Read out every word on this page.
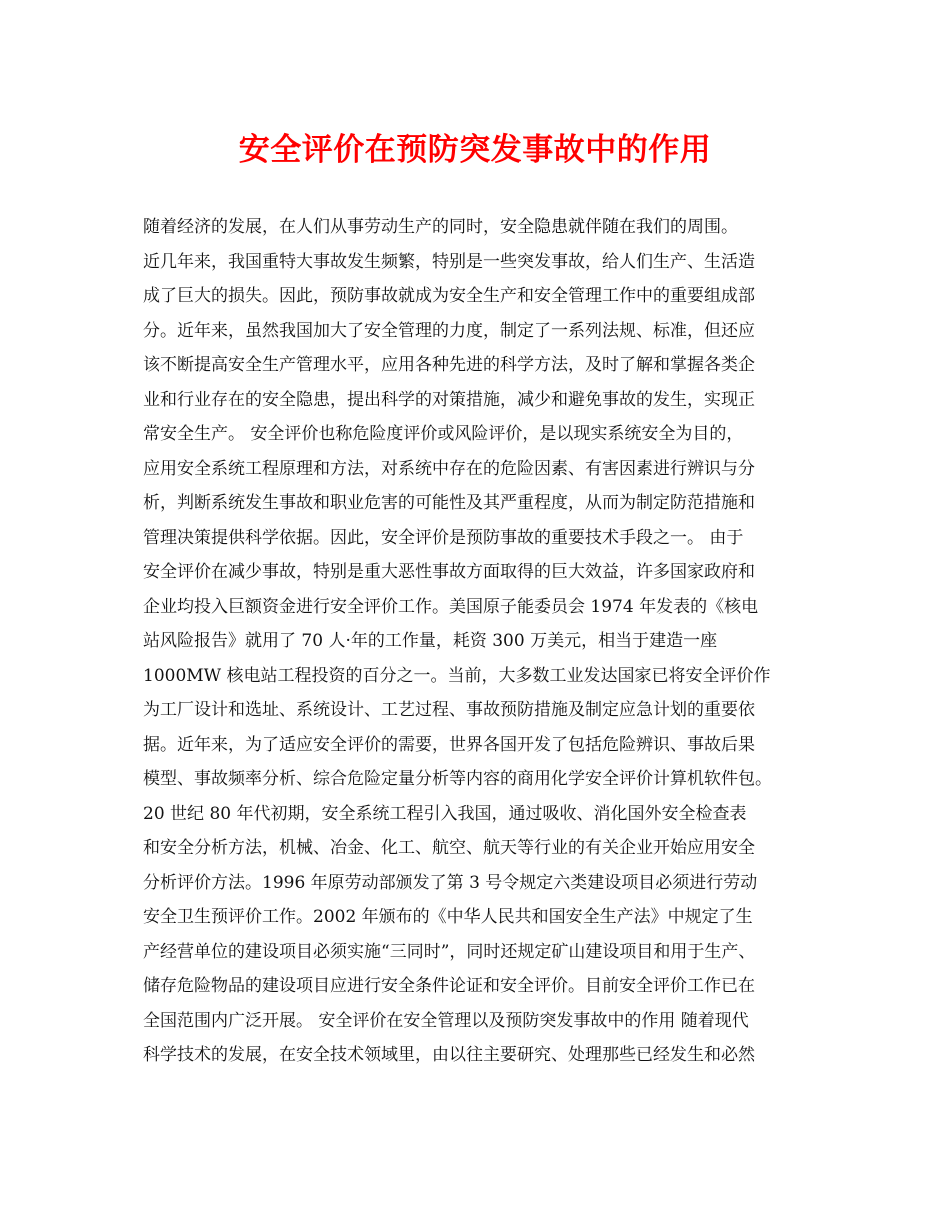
安全评价在预防突发事故中的作用
随着经济的发展，在人们从事劳动生产的同时，安全隐患就伴随在我们的周围。
近几年来，我国重特大事故发生频繁，特别是一些突发事故，给人们生产、生活造
成了巨大的损失。因此，预防事故就成为安全生产和安全管理工作中的重要组成部
分。近年来，虽然我国加大了安全管理的力度，制定了一系列法规、标准，但还应
该不断提高安全生产管理水平，应用各种先进的科学方法，及时了解和掌握各类企
业和行业存在的安全隐患，提出科学的对策措施，减少和避免事故的发生，实现正
常安全生产。 安全评价也称危险度评价或风险评价，是以现实系统安全为目的，
应用安全系统工程原理和方法，对系统中存在的危险因素、有害因素进行辨识与分
析，判断系统发生事故和职业危害的可能性及其严重程度，从而为制定防范措施和
管理决策提供科学依据。因此，安全评价是预防事故的重要技术手段之一。 由于
安全评价在减少事故，特别是重大恶性事故方面取得的巨大效益，许多国家政府和
企业均投入巨额资金进行安全评价工作。美国原子能委员会 1974 年发表的《核电
站风险报告》就用了 70 人·年的工作量，耗资 300 万美元，相当于建造一座
1000MW 核电站工程投资的百分之一。当前，大多数工业发达国家已将安全评价作
为工厂设计和选址、系统设计、工艺过程、事故预防措施及制定应急计划的重要依
据。近年来，为了适应安全评价的需要，世界各国开发了包括危险辨识、事故后果
模型、事故频率分析、综合危险定量分析等内容的商用化学安全评价计算机软件包。
20 世纪 80 年代初期，安全系统工程引入我国，通过吸收、消化国外安全检查表
和安全分析方法，机械、冶金、化工、航空、航天等行业的有关企业开始应用安全
分析评价方法。1996 年原劳动部颁发了第 3 号令规定六类建设项目必须进行劳动
安全卫生预评价工作。2002 年颁布的《中华人民共和国安全生产法》中规定了生
产经营单位的建设项目必须实施“三同时”，同时还规定矿山建设项目和用于生产、
储存危险物品的建设项目应进行安全条件论证和安全评价。目前安全评价工作已在
全国范围内广泛开展。 安全评价在安全管理以及预防突发事故中的作用 随着现代
科学技术的发展，在安全技术领域里，由以往主要研究、处理那些已经发生和必然
